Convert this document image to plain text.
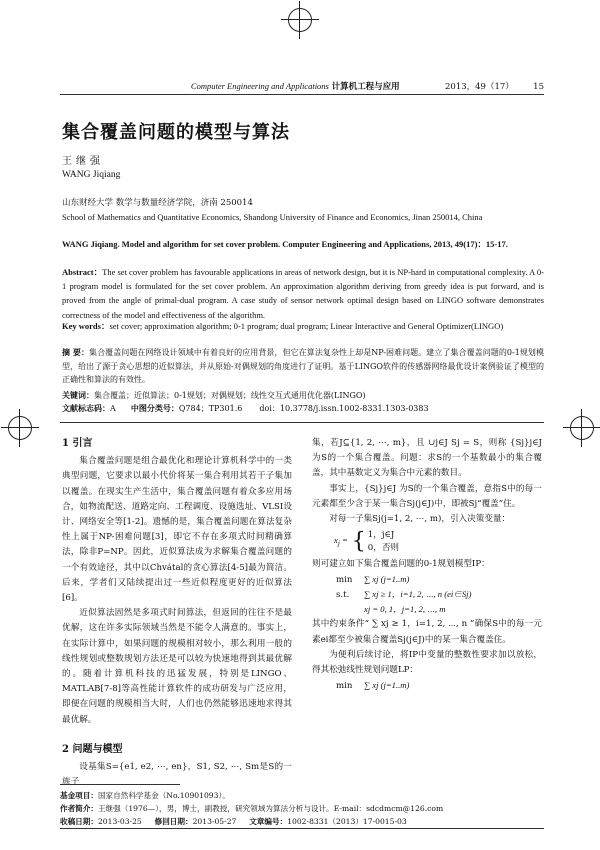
Computer Engineering and Applications 计算机工程与应用	2013，49（17） 15
集合覆盖问题的模型与算法
王继强
WANG Jiqiang
山东财经大学 数学与数量经济学院，济南 250014
School of Mathematics and Quantitative Economics, Shandong University of Finance and Economics, Jinan 250014, China
WANG Jiqiang. Model and algorithm for set cover problem. Computer Engineering and Applications, 2013, 49(17)：15-17.
Abstract：The set cover problem has favourable applications in areas of network design, but it is NP-hard in computational complexity. A 0-1 program model is formulated for the set cover problem. An approximation algorithm deriving from greedy idea is put forward, and is proved from the angle of primal-dual program. A case study of sensor network optimal design based on LINGO software demonstrates correctness of the model and effectiveness of the algorithm.
Key words：set cover; approximation algorithm; 0-1 program; dual program; Linear Interactive and General Optimizer(LINGO)
摘 要：集合覆盖问题在网络设计领域中有着良好的应用背景，但它在算法复杂性上却是NP-困难问题。建立了集合覆盖问题的0-1规划模型，给出了源于贪心思想的近似算法，并从原始-对偶规划的角度进行了证明。基于LINGO软件的传感器网络最优设计案例验证了模型的正确性和算法的有效性。
关键词：集合覆盖；近似算法；0-1规划；对偶规划；线性交互式通用优化器(LINGO)
文献标志码：A 中图分类号：Q784；TP301.6 doi：10.3778/j.issn.1002-8331.1303-0383
1 引言

集合覆盖问题是组合最优化和理论计算机科学中的一类典型问题，它要求以最小代价将某一集合利用其若干子集加以覆盖。在现实生产生活中，集合覆盖问题有着众多应用场合，如物流配送、道路定向、工程调度、设施选址、VLSI设计、网络安全等[1-2]。遗憾的是，集合覆盖问题在算法复杂性上属于NP-困难问题[3]，即它不存在多项式时间精确算法，除非P=NP。因此，近似算法成为求解集合覆盖问题的一个有效途径，其中以Chvátal的贪心算法[4-5]最为简洁。后来，学者们又陆续提出过一些近似程度更好的近似算法[6]。

近似算法固然是多项式时间算法，但返回的往往不是最优解，这在许多实际领域当然是不能令人满意的。事实上，在实际计算中，如果问题的规模相对较小，那么利用一般的线性规划或整数规划方法还是可以较为快速地得到其最优解的。随着计算机科技的迅猛发展，特别是LINGO、MATLAB[7-8]等高性能计算软件的成功研发与广泛应用，即便在问题的规模相当大时，人们也仍然能够迅速地求得其最优解。

2 问题与模型

设基集S={e1, e2, ⋯, en}，S1, S2, ⋯, Sm是S的一族子

集，若J⊆{1, 2, ⋯, m}，且 ∪j∈J Sj = S，则称 {Sj}j∈J 为S的一个集合覆盖。问题：求S的一个基数最小的集合覆盖，其中基数定义为集合中元素的数目。

事实上，{Sj}j∈J 为S的一个集合覆盖，意指S中的每一元素都至少含于某一集合Sj(j∈J)中，即被Sj“覆盖”住。

对每一子集Sj(j=1, 2, ⋯, m)，引入决策变量：

$x_j$ = { 1，j∈J
0，否则

则可建立如下集合覆盖问题的0-1规划模型IP：

min ∑ xj (j=1..m)
s.t. ∑ xj ≥ 1，i=1, 2, ⋯, n (ei∈Sj)
xj = 0, 1，j=1, 2, ⋯, m

其中约束条件“ ∑ xj ≥ 1，i=1, 2, ⋯, n ”确保S中的每一元素ei都至少被集合覆盖Sj(j∈J)中的某一集合覆盖住。

为便利后续讨论，将IP中变量的整数性要求加以放松，得其松弛线性规划问题LP：

min ∑ xj (j=1..m)
基金项目：国家自然科学基金（No.10901093）。
作者简介：王继强（1976—），男，博士，副教授，研究领域为算法分析与设计。E-mail：sdcdmcm@126.com
收稿日期：2013-03-25 修回日期：2013-05-27 文章编号：1002-8331（2013）17-0015-03
